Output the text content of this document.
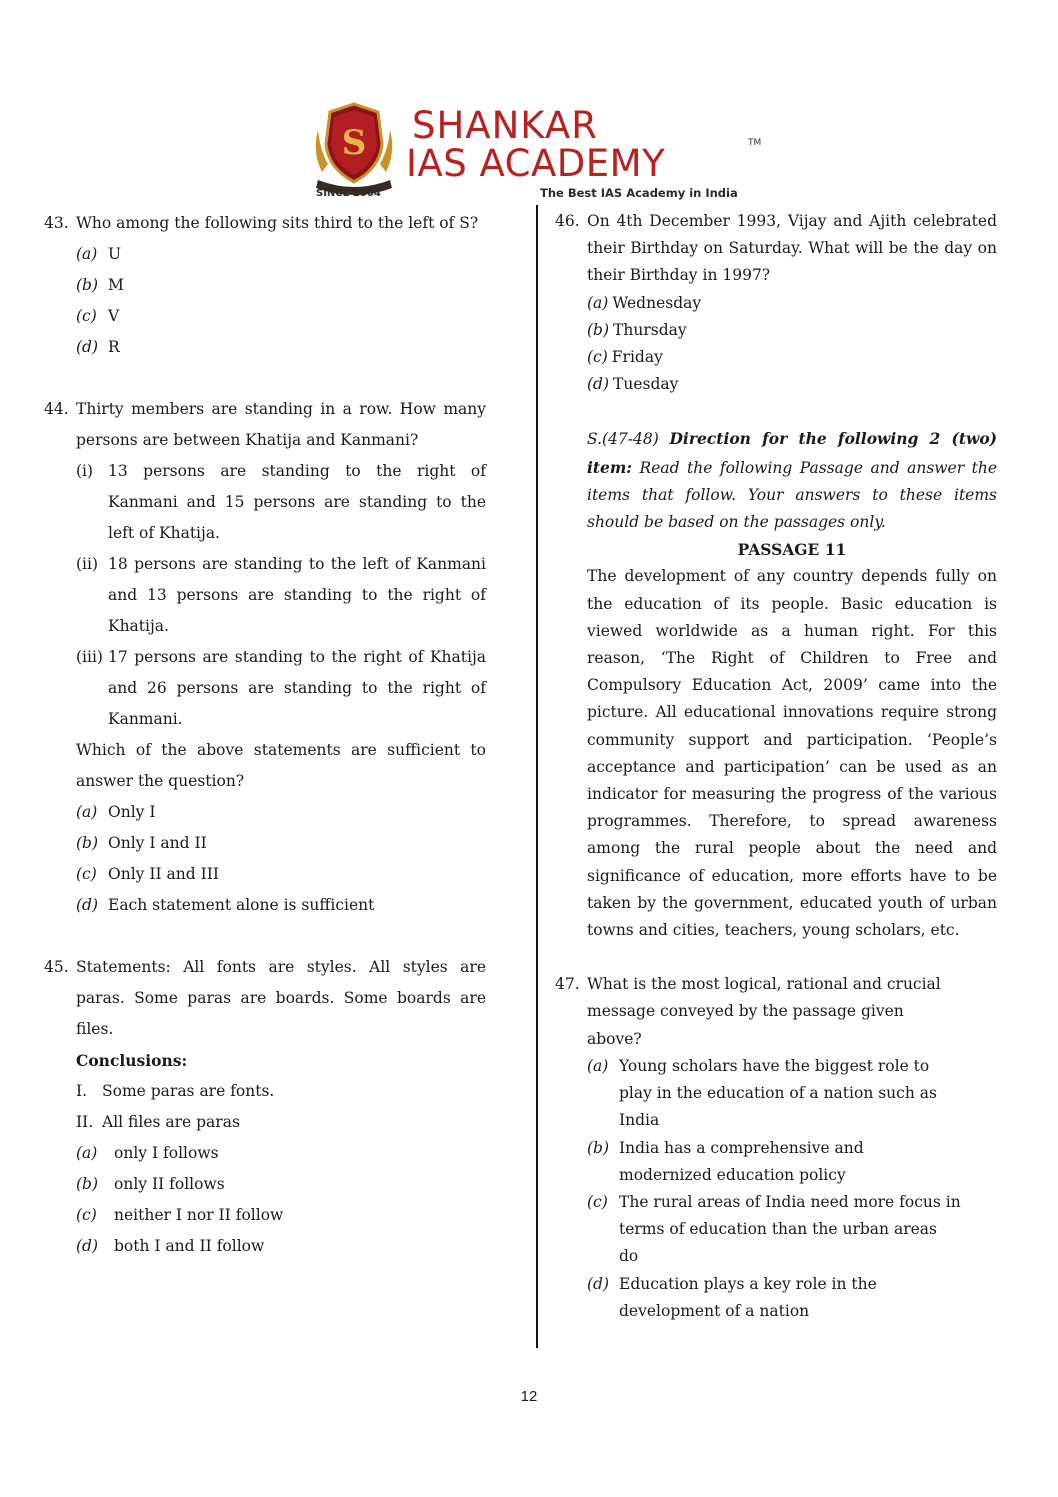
S
SINCE 2004
SHANKAR
IAS ACADEMY	TM
The Best IAS Academy in India
43. Who among the following sits third to the left of S?
(a) U
(b) M
(c) V
(d) R
44. Thirty members are standing in a row. How many persons are between Khatija and Kanmani?
(i) 13 persons are standing to the right of Kanmani and 15 persons are standing to the left of Khatija.
(ii) 18 persons are standing to the left of Kanmani and 13 persons are standing to the right of Khatija.
(iii) 17 persons are standing to the right of Khatija and 26 persons are standing to the right of Kanmani.
Which of the above statements are sufficient to answer the question?
(a) Only I
(b) Only I and II
(c) Only II and III
(d) Each statement alone is sufficient
45. Statements: All fonts are styles. All styles are paras. Some paras are boards. Some boards are files.
Conclusions:
I. Some paras are fonts.
II. All files are paras
(a)	only I follows
(b)	only II follows
(c)	neither I nor II follow
(d)	both I and II follow
46. On 4th December 1993, Vijay and Ajith celebrated their Birthday on Saturday. What will be the day on their Birthday in 1997?
(a) Wednesday
(b) Thursday
(c) Friday
(d) Tuesday
S.(47-48) Direction for the following 2 (two) item: Read the following Passage and answer the items that follow. Your answers to these items should be based on the passages only.
PASSAGE 11
The development of any country depends fully on the education of its people. Basic education is viewed worldwide as a human right. For this reason, ‘The Right of Children to Free and Compulsory Education Act, 2009’ came into the picture. All educational innovations require strong community support and participation. ‘People’s acceptance and participation’ can be used as an indicator for measuring the progress of the various programmes. Therefore, to spread awareness among the rural people about the need and significance of education, more efforts have to be taken by the government, educated youth of urban towns and cities, teachers, young scholars, etc.
47. What is the most logical, rational and crucial
message conveyed by the passage given
above?
(a) Young scholars have the biggest role to
play in the education of a nation such as
India
(b) India has a comprehensive and
modernized education policy
(c) The rural areas of India need more focus in
terms of education than the urban areas
do
(d) Education plays a key role in the
development of a nation
12
